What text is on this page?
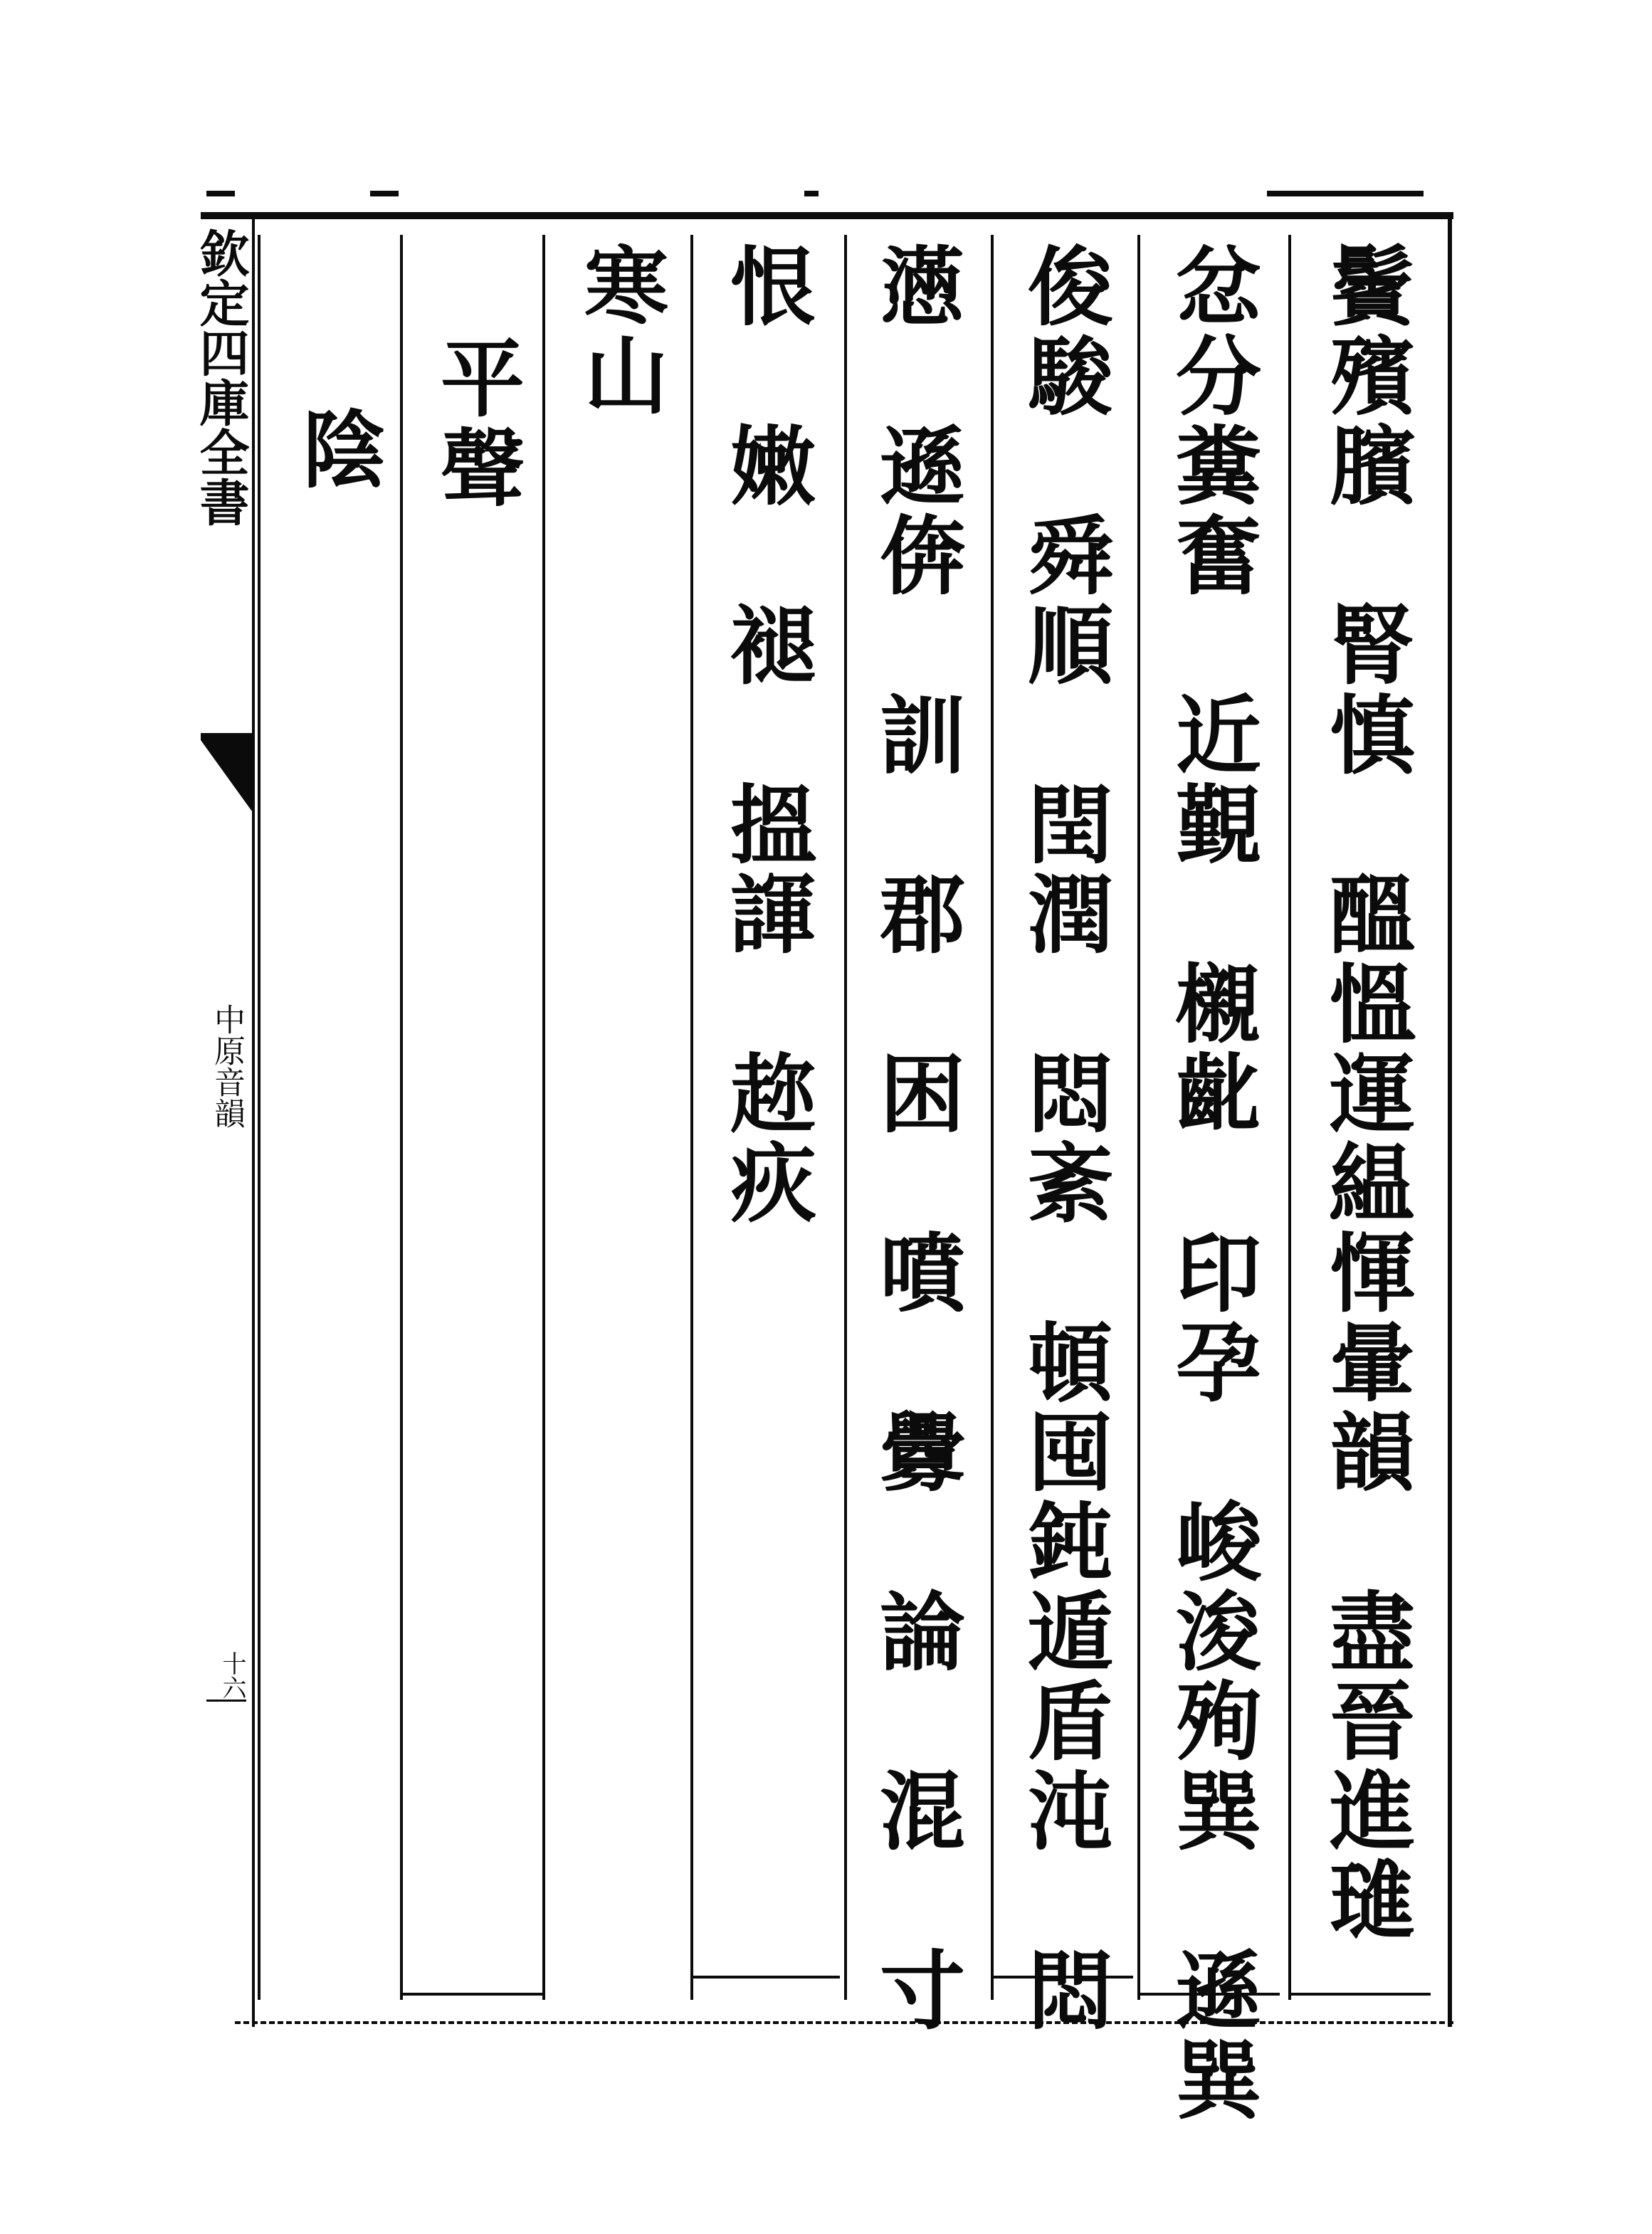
欽定四庫全書
中原音韻
十六	鬢殯臏　腎慎　醞慍運緼惲暈韻　盡晉進璡
忿分糞奮　近覲　櫬齔　印孕　峻浚殉巽　遜巽
俊駿　舜順　閏潤　悶紊　頓囤鈍遁盾沌　悶
懣　遜倴　訓　郡　困　噴　釁　論　混　寸
恨　嫩　褪　搵諢　趂疢
寒山
平聲
陰
